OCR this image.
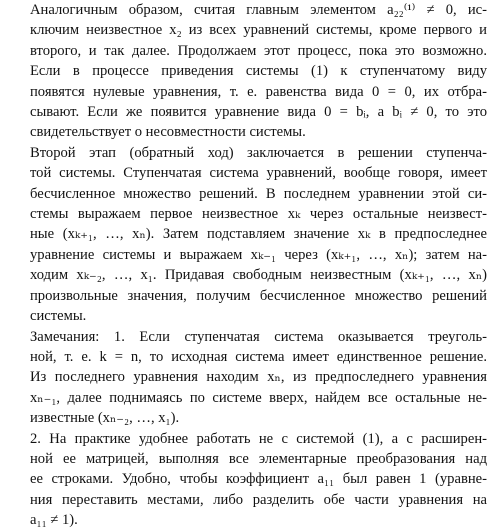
Аналогичным образом, считая главным элементом a₂₂⁽¹⁾ ≠ 0, ис-
ключим неизвестное x₂ из всех уравнений системы, кроме первого и
второго, и так далее. Продолжаем этот процесс, пока это возможно.

Если в процессе приведения системы (1) к ступенчатому виду
появятся нулевые уравнения, т. е. равенства вида 0 = 0, их отбра-
сывают. Если же появится уравнение вида 0 = bᵢ, а bᵢ ≠ 0, то это
свидетельствует о несовместности системы.

Второй этап (обратный ход) заключается в решении ступенча-
той системы. Ступенчатая система уравнений, вообще говоря, имеет
бесчисленное множество решений. В последнем уравнении этой си-
стемы выражаем первое неизвестное xₖ через остальные неизвест-
ные (xₖ₊₁, …, xₙ). Затем подставляем значение xₖ в предпоследнее
уравнение системы и выражаем xₖ₋₁ через (xₖ₊₁, …, xₙ); затем на-
ходим xₖ₋₂, …, x₁. Придавая свободным неизвестным (xₖ₊₁, …, xₙ)
произвольные значения, получим бесчисленное множество решений
системы.

Замечания: 1. Если ступенчатая система оказывается треуголь-
ной, т. е. k = n, то исходная система имеет единственное решение.
Из последнего уравнения находим xₙ, из предпоследнего уравнения
xₙ₋₁, далее поднимаясь по системе вверх, найдем все остальные не-
известные (xₙ₋₂, …, x₁).

2. На практике удобнее работать не с системой (1), а с расширен-
ной ее матрицей, выполняя все элементарные преобразования над
ее строками. Удобно, чтобы коэффициент a₁₁ был равен 1 (уравне-
ния переставить местами, либо разделить обе части уравнения на
a₁₁ ≠ 1).
